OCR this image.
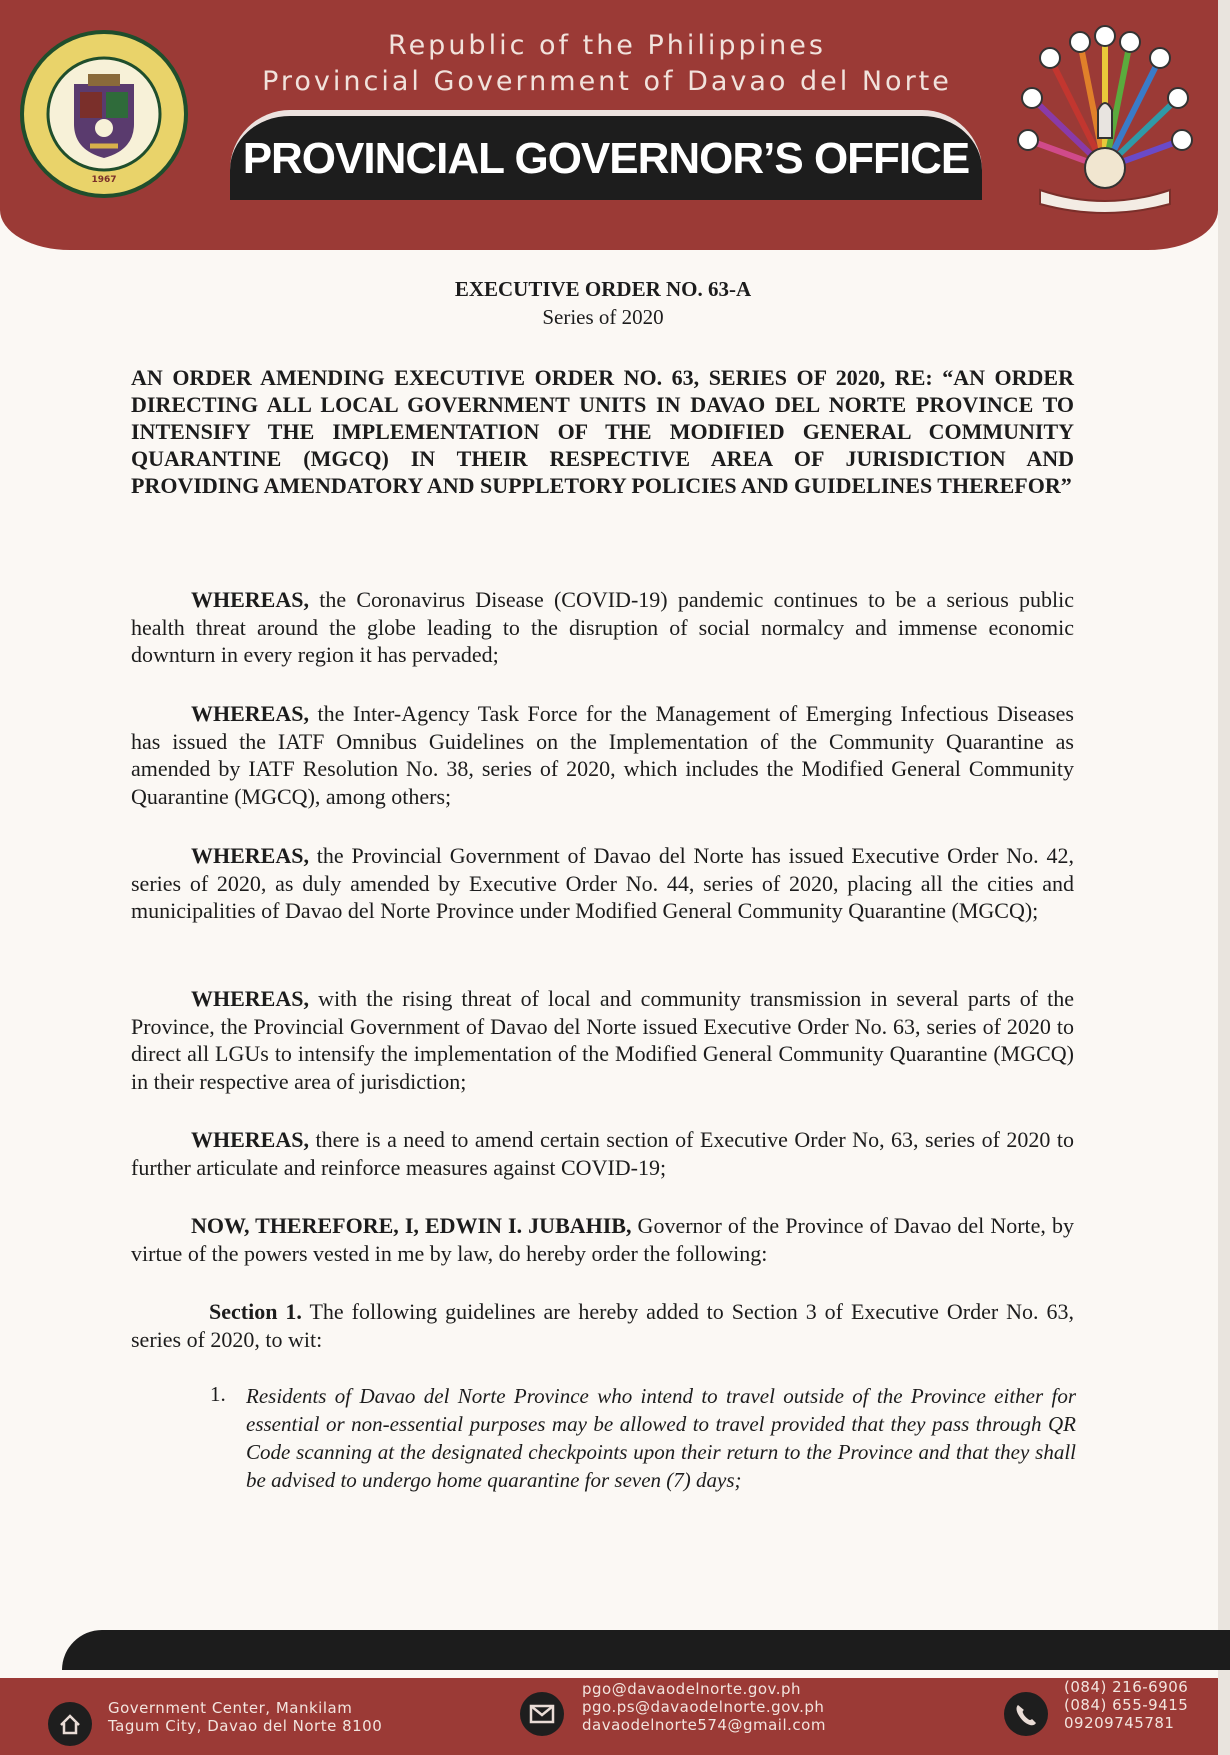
Republic of the Philippines
Provincial Government of Davao del Norte
PROVINCIAL GOVERNOR’S OFFICE
1967
EXECUTIVE ORDER NO. 63-A
Series of 2020
AN ORDER AMENDING EXECUTIVE ORDER NO. 63, SERIES OF 2020, RE: “AN ORDER DIRECTING ALL LOCAL GOVERNMENT UNITS IN DAVAO DEL NORTE PROVINCE TO INTENSIFY THE IMPLEMENTATION OF THE MODIFIED GENERAL COMMUNITY QUARANTINE (MGCQ) IN THEIR RESPECTIVE AREA OF JURISDICTION AND PROVIDING AMENDATORY AND SUPPLETORY POLICIES AND GUIDELINES THEREFOR”

WHEREAS, the Coronavirus Disease (COVID-19) pandemic continues to be a serious public health threat around the globe leading to the disruption of social normalcy and immense economic downturn in every region it has pervaded;

WHEREAS, the Inter-Agency Task Force for the Management of Emerging Infectious Diseases has issued the IATF Omnibus Guidelines on the Implementation of the Community Quarantine as amended by IATF Resolution No. 38, series of 2020, which includes the Modified General Community Quarantine (MGCQ), among others;

WHEREAS, the Provincial Government of Davao del Norte has issued Executive Order No. 42, series of 2020, as duly amended by Executive Order No. 44, series of 2020, placing all the cities and municipalities of Davao del Norte Province under Modified General Community Quarantine (MGCQ);

WHEREAS, with the rising threat of local and community transmission in several parts of the Province, the Provincial Government of Davao del Norte issued Executive Order No. 63, series of 2020 to direct all LGUs to intensify the implementation of the Modified General Community Quarantine (MGCQ) in their respective area of jurisdiction;

WHEREAS, there is a need to amend certain section of Executive Order No, 63, series of 2020 to further articulate and reinforce measures against COVID-19;

NOW, THEREFORE, I, EDWIN I. JUBAHIB, Governor of the Province of Davao del Norte, by virtue of the powers vested in me by law, do hereby order the following:

Section 1. The following guidelines are hereby added to Section 3 of Executive Order No. 63, series of 2020, to wit:

1. Residents of Davao del Norte Province who intend to travel outside of the Province either for essential or non-essential purposes may be allowed to travel provided that they pass through QR Code scanning at the designated checkpoints upon their return to the Province and that they shall be advised to undergo home quarantine for seven (7) days;
Government Center, Mankilam
Tagum City, Davao del Norte 8100
pgo@davaodelnorte.gov.ph
pgo.ps@davaodelnorte.gov.ph
davaodelnorte574@gmail.com
(084) 216-6906
(084) 655-9415
09209745781
